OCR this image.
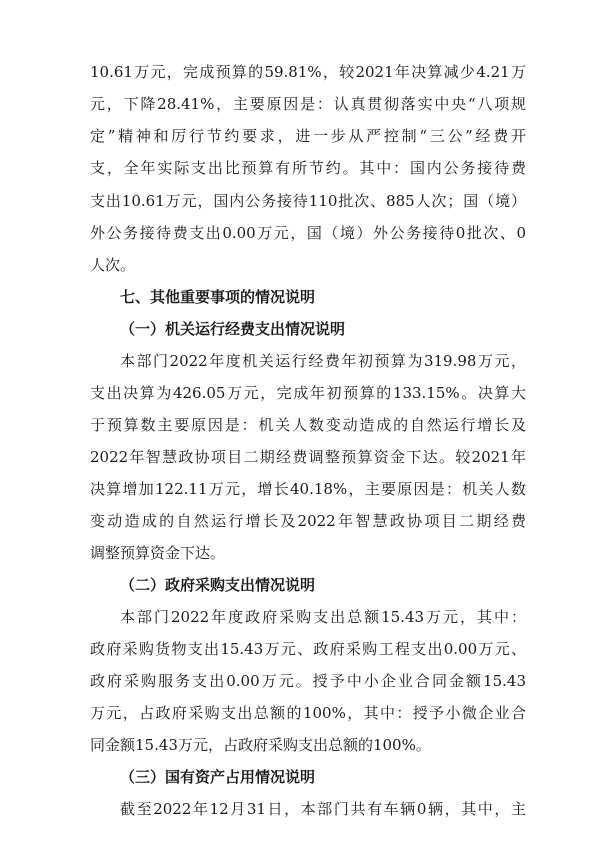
10.61万元，完成预算的59.81%，较2021年决算减少4.21万
元，下降28.41%，主要原因是：认真贯彻落实中央“八项规
定”精神和厉行节约要求，进一步从严控制“三公”经费开
支，全年实际支出比预算有所节约。其中：国内公务接待费
支出10.61万元，国内公务接待110批次、885人次；国（境）
外公务接待费支出0.00万元，国（境）外公务接待0批次、0
人次。
七、其他重要事项的情况说明
（一）机关运行经费支出情况说明
本部门2022年度机关运行经费年初预算为319.98万元，
支出决算为426.05万元，完成年初预算的133.15%。决算大
于预算数主要原因是：机关人数变动造成的自然运行增长及
2022年智慧政协项目二期经费调整预算资金下达。较2021年
决算增加122.11万元，增长40.18%，主要原因是：机关人数
变动造成的自然运行增长及2022年智慧政协项目二期经费
调整预算资金下达。
（二）政府采购支出情况说明
本部门2022年度政府采购支出总额15.43万元，其中：
政府采购货物支出15.43万元、政府采购工程支出0.00万元、
政府采购服务支出0.00万元。授予中小企业合同金额15.43
万元，占政府采购支出总额的100%，其中：授予小微企业合
同金额15.43万元，占政府采购支出总额的100%。
（三）国有资产占用情况说明
截至2022年12月31日，本部门共有车辆0辆，其中，主
